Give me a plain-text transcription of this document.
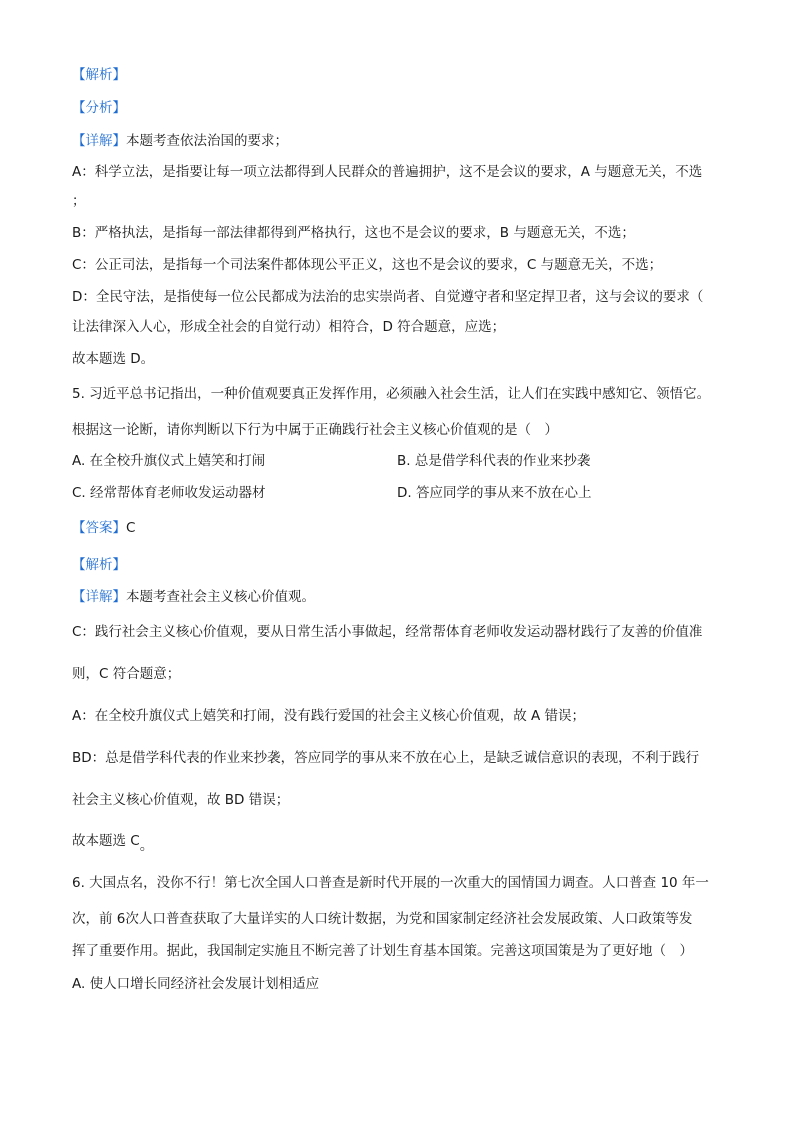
【解析】
【分析】
【详解】本题考查依法治国的要求；
A：科学立法，是指要让每一项立法都得到人民群众的普遍拥护，这不是会议的要求，A 与题意无关，不选
；
B：严格执法，是指每一部法律都得到严格执行，这也不是会议的要求，B 与题意无关，不选；
C：公正司法，是指每一个司法案件都体现公平正义，这也不是会议的要求，C 与题意无关，不选；
D：全民守法，是指使每一位公民都成为法治的忠实崇尚者、自觉遵守者和坚定捍卫者，这与会议的要求（
让法律深入人心，形成全社会的自觉行动）相符合，D 符合题意，应选；
故本题选 D。
5. 习近平总书记指出，一种价值观要真正发挥作用，必须融入社会生活，让人们在实践中感知它、领悟它。
根据这一论断，请你判断以下行为中属于正确践行社会主义核心价值观的是（　）
A. 在全校升旗仪式上嬉笑和打闹	B. 总是借学科代表的作业来抄袭
C. 经常帮体育老师收发运动器材	D. 答应同学的事从来不放在心上
【答案】C
【解析】
【详解】本题考查社会主义核心价值观。
C：践行社会主义核心价值观，要从日常生活小事做起，经常帮体育老师收发运动器材践行了友善的价值准
则，C 符合题意；
A：在全校升旗仪式上嬉笑和打闹，没有践行爱国的社会主义核心价值观，故 A 错误；
BD：总是借学科代表的作业来抄袭，答应同学的事从来不放在心上，是缺乏诚信意识的表现，不利于践行
社会主义核心价值观，故 BD 错误；
故本题选 C。
6. 大国点名，没你不行！第七次全国人口普查是新时代开展的一次重大的国情国力调查。人口普查 10 年一
次，前 6次人口普查获取了大量详实的人口统计数据，为党和国家制定经济社会发展政策、人口政策等发
挥了重要作用。据此，我国制定实施且不断完善了计划生育基本国策。完善这项国策是为了更好地（　）
A. 使人口增长同经济社会发展计划相适应
